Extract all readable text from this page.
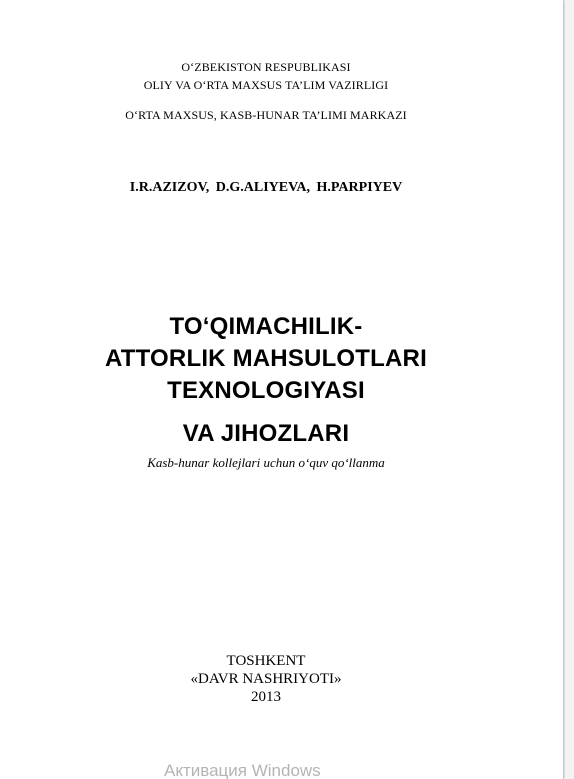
O‘ZBEKISTON RESPUBLIKASI

OLIY VA O‘RTA MAXSUS TA’LIM VAZIRLIGI

O‘RTA MAXSUS, KASB-HUNAR TA’LIMI MARKAZI

I.R.AZIZOV, D.G.ALIYEVA, H.PARPIYEV

TO‘QIMACHILIK-

ATTORLIK MAHSULOTLARI

TEXNOLOGIYASI

VA JIHOZLARI

Kasb-hunar kollejlari uchun o‘quv qo‘llanma

TOSHKENT

«DAVR NASHRIYOTI»

2013

Активация Windows
